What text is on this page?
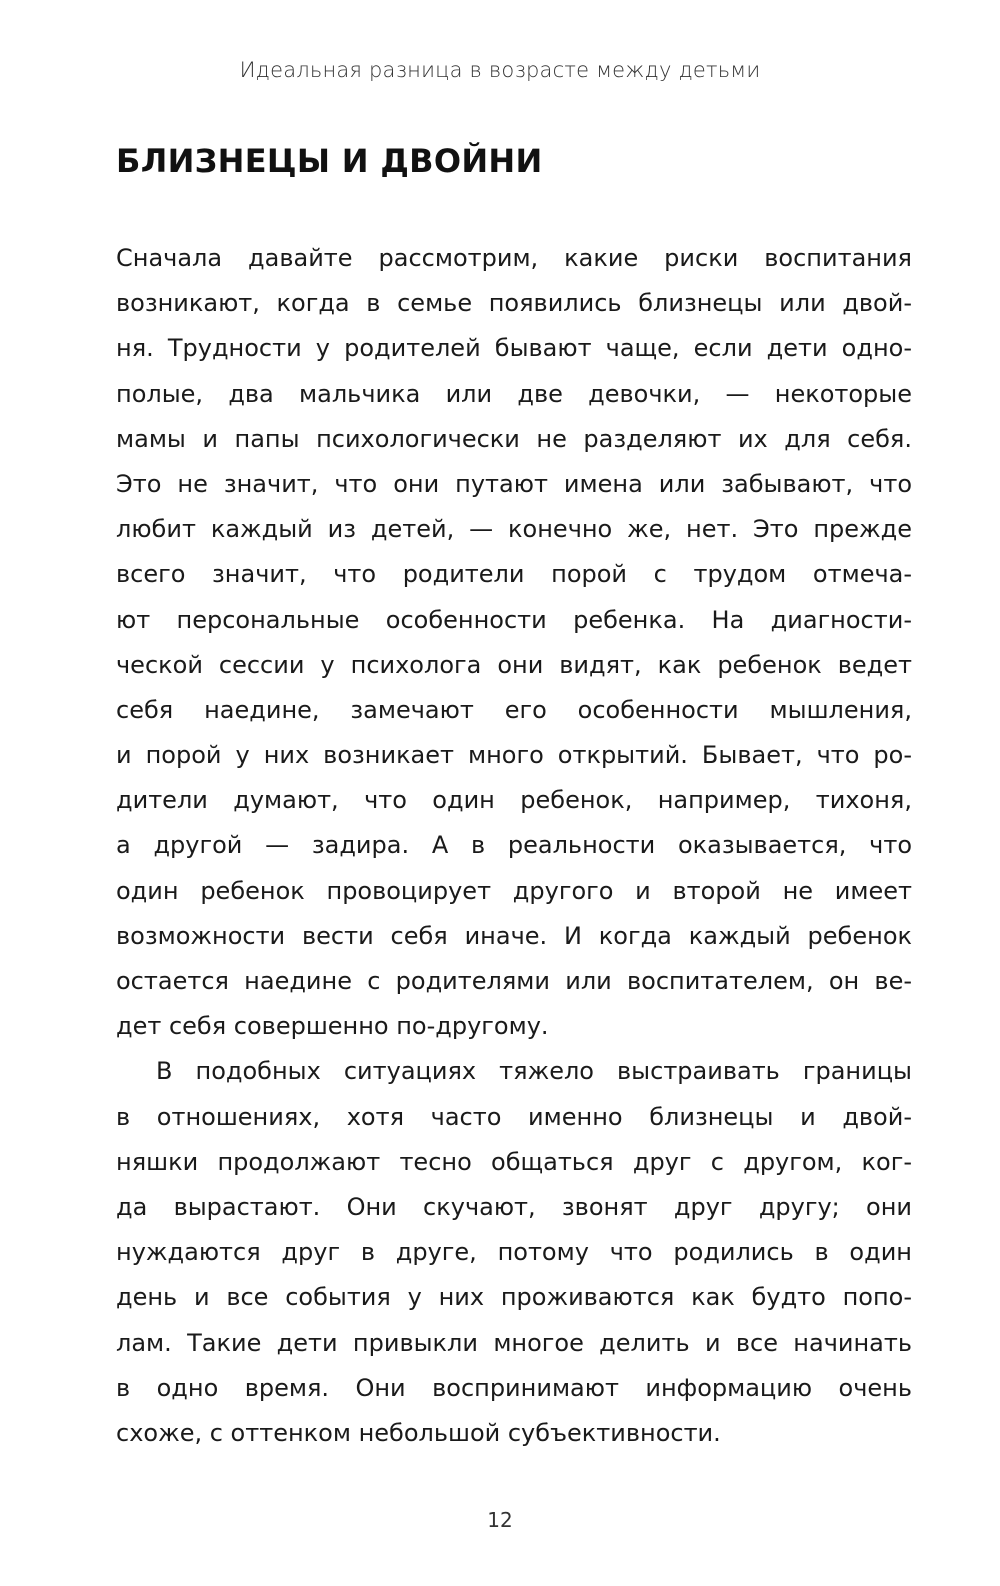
Идеальная разница в возрасте между детьми
БЛИЗНЕЦЫ И ДВОЙНИ
Сначала давайте рассмотрим, какие риски воспитания
возникают, когда в семье появились близнецы или двой-
ня. Трудности у родителей бывают чаще, если дети одно-
полые, два мальчика или две девочки, — некоторые
мамы и папы психологически не разделяют их для себя.
Это не значит, что они путают имена или забывают, что
любит каждый из детей, — конечно же, нет. Это прежде
всего значит, что родители порой с трудом отмеча-
ют персональные особенности ребенка. На диагности-
ческой сессии у психолога они видят, как ребенок ведет
себя наедине, замечают его особенности мышления,
и порой у них возникает много открытий. Бывает, что ро-
дители думают, что один ребенок, например, тихоня,
а другой — задира. А в реальности оказывается, что
один ребенок провоцирует другого и второй не имеет
возможности вести себя иначе. И когда каждый ребенок
остается наедине с родителями или воспитателем, он ве-
дет себя совершенно по-другому.
В подобных ситуациях тяжело выстраивать границы
в отношениях, хотя часто именно близнецы и двой-
няшки продолжают тесно общаться друг с другом, ког-
да вырастают. Они скучают, звонят друг другу; они
нуждаются друг в друге, потому что родились в один
день и все события у них проживаются как будто попо-
лам. Такие дети привыкли многое делить и все начинать
в одно время. Они воспринимают информацию очень
схоже, с оттенком небольшой субъективности.
12
